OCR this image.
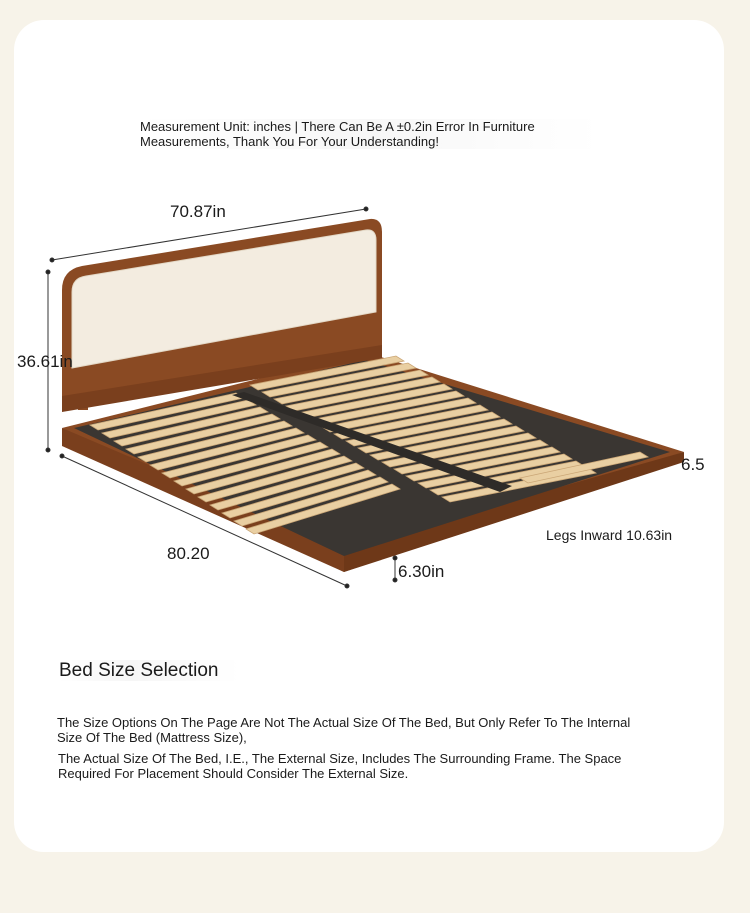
Measurement Unit: inches | There Can Be A ±0.2in Error In Furniture Measurements, Thank You For Your Understanding!
70.87in
36.61in
80.20
6.30in
6.5
Legs Inward 10.63in
Bed Size Selection
The Size Options On The Page Are Not The Actual Size Of The Bed, But Only Refer To The Internal Size Of The Bed (Mattress Size),
The Actual Size Of The Bed, I.E., The External Size, Includes The Surrounding Frame. The Space Required For Placement Should Consider The External Size.
